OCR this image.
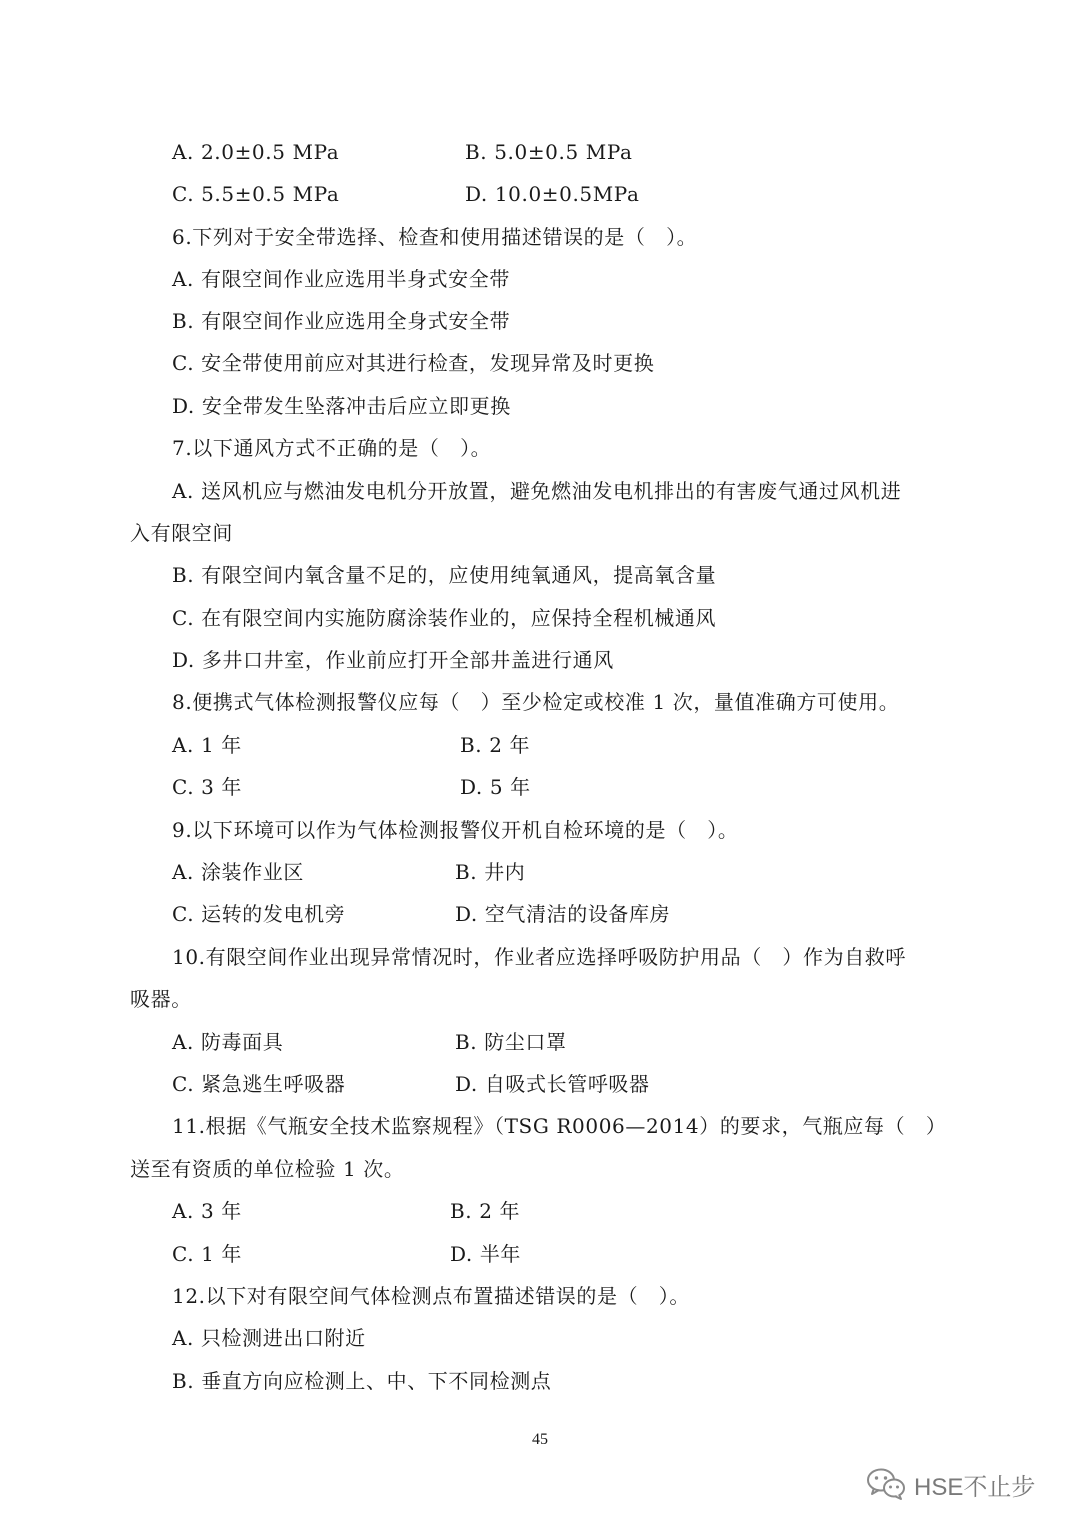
A. 2.0±0.5 MPa	B. 5.0±0.5 MPa
C. 5.5±0.5 MPa	D. 10.0±0.5MPa
6.下列对于安全带选择、检查和使用描述错误的是（　）。
A. 有限空间作业应选用半身式安全带
B. 有限空间作业应选用全身式安全带
C. 安全带使用前应对其进行检查，发现异常及时更换
D. 安全带发生坠落冲击后应立即更换
7.以下通风方式不正确的是（　）。
A. 送风机应与燃油发电机分开放置，避免燃油发电机排出的有害废气通过风机进
入有限空间
B. 有限空间内氧含量不足的，应使用纯氧通风，提高氧含量
C. 在有限空间内实施防腐涂装作业的，应保持全程机械通风
D. 多井口井室，作业前应打开全部井盖进行通风
8.便携式气体检测报警仪应每（　）至少检定或校准 1 次，量值准确方可使用。
A. 1 年	B. 2 年
C. 3 年	D. 5 年
9.以下环境可以作为气体检测报警仪开机自检环境的是（　）。
A. 涂装作业区	B. 井内
C. 运转的发电机旁	D. 空气清洁的设备库房
10.有限空间作业出现异常情况时，作业者应选择呼吸防护用品（　）作为自救呼
吸器。
A. 防毒面具	B. 防尘口罩
C. 紧急逃生呼吸器	D. 自吸式长管呼吸器
11.根据《气瓶安全技术监察规程》（TSG R0006—2014）的要求，气瓶应每（　）
送至有资质的单位检验 1 次。
A. 3 年	B. 2 年
C. 1 年	D. 半年
12.以下对有限空间气体检测点布置描述错误的是（　）。
A. 只检测进出口附近
B. 垂直方向应检测上、中、下不同检测点
45
HSE不止步
